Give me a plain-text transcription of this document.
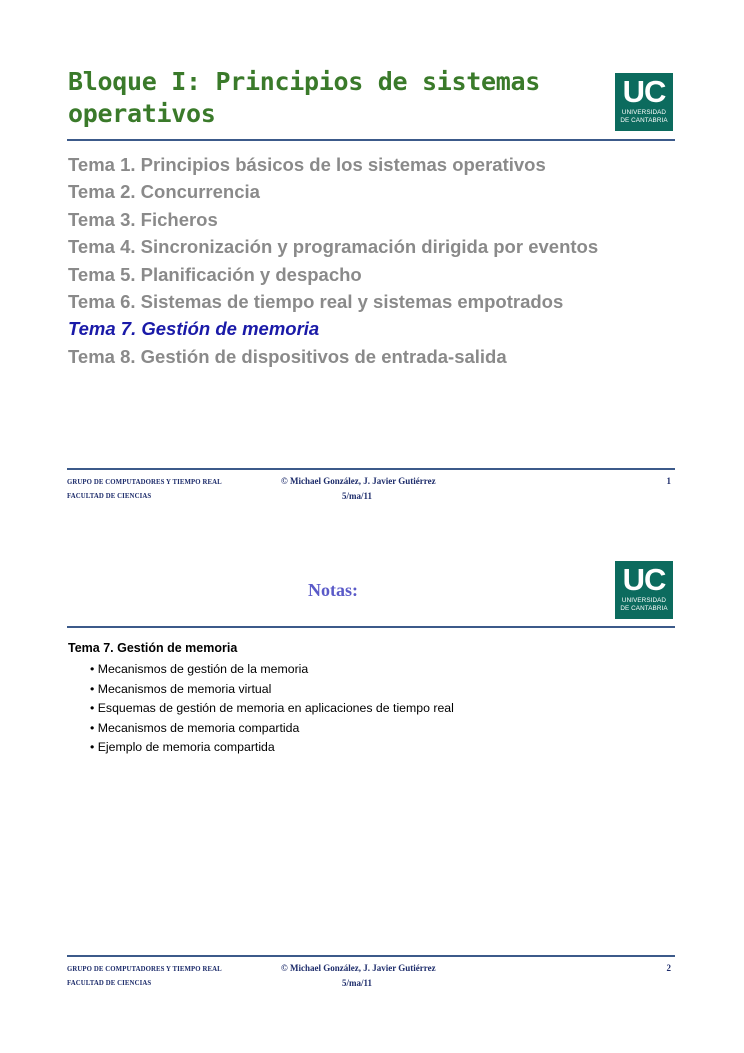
Bloque I: Principios de sistemas operativos
UC
UNIVERSIDAD
DE CANTABRIA
Tema 1. Principios básicos de los sistemas operativos
Tema 2. Concurrencia
Tema 3. Ficheros
Tema 4. Sincronización y programación dirigida por eventos
Tema 5. Planificación y despacho
Tema 6. Sistemas de tiempo real y sistemas empotrados
Tema 7. Gestión de memoria
Tema 8. Gestión de dispositivos de entrada-salida
GRUPO DE COMPUTADORES Y TIEMPO REAL
FACULTAD DE CIENCIAS
© Michael González, J. Javier Gutiérrez
5/ma/11
1
Notas:	UC
UNIVERSIDAD
DE CANTABRIA
Tema 7. Gestión de memoria
• Mecanismos de gestión de la memoria
• Mecanismos de memoria virtual
• Esquemas de gestión de memoria en aplicaciones de tiempo real
• Mecanismos de memoria compartida
• Ejemplo de memoria compartida
GRUPO DE COMPUTADORES Y TIEMPO REAL
FACULTAD DE CIENCIAS
© Michael González, J. Javier Gutiérrez
5/ma/11
2
